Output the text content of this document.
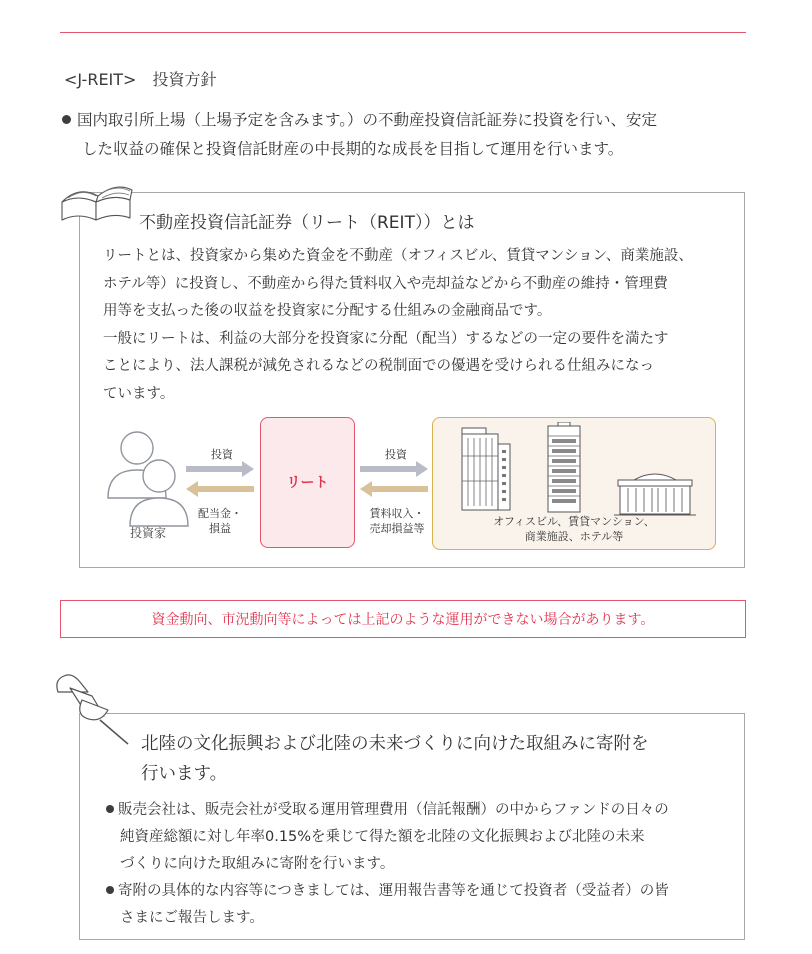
<J-REIT>　投資方針
国内取引所上場（上場予定を含みます。）の不動産投資信託証券に投資を行い、安定
した収益の確保と投資信託財産の中長期的な成長を目指して運用を行います。
不動産投資信託証券（リート（REIT））とは
リートとは、投資家から集めた資金を不動産（オフィスビル、賃貸マンション、商業施設、
ホテル等）に投資し、不動産から得た賃料収入や売却益などから不動産の維持・管理費
用等を支払った後の収益を投資家に分配する仕組みの金融商品です。
一般にリートは、利益の大部分を投資家に分配（配当）するなどの一定の要件を満たす
ことにより、法人課税が減免されるなどの税制面での優遇を受けられる仕組みになっ
ています。
投資家
投資
配当金・
損益
リート
投資
賃料収入・
売却損益等
オフィスビル、賃貸マンション、
商業施設、ホテル等
資金動向、市況動向等によっては上記のような運用ができない場合があります。
北陸の文化振興および北陸の未来づくりに向けた取組みに寄附を
行います。
販売会社は、販売会社が受取る運用管理費用（信託報酬）の中からファンドの日々の
純資産総額に対し年率0.15%を乗じて得た額を北陸の文化振興および北陸の未来
づくりに向けた取組みに寄附を行います。
寄附の具体的な内容等につきましては、運用報告書等を通じて投資者（受益者）の皆
さまにご報告します。
